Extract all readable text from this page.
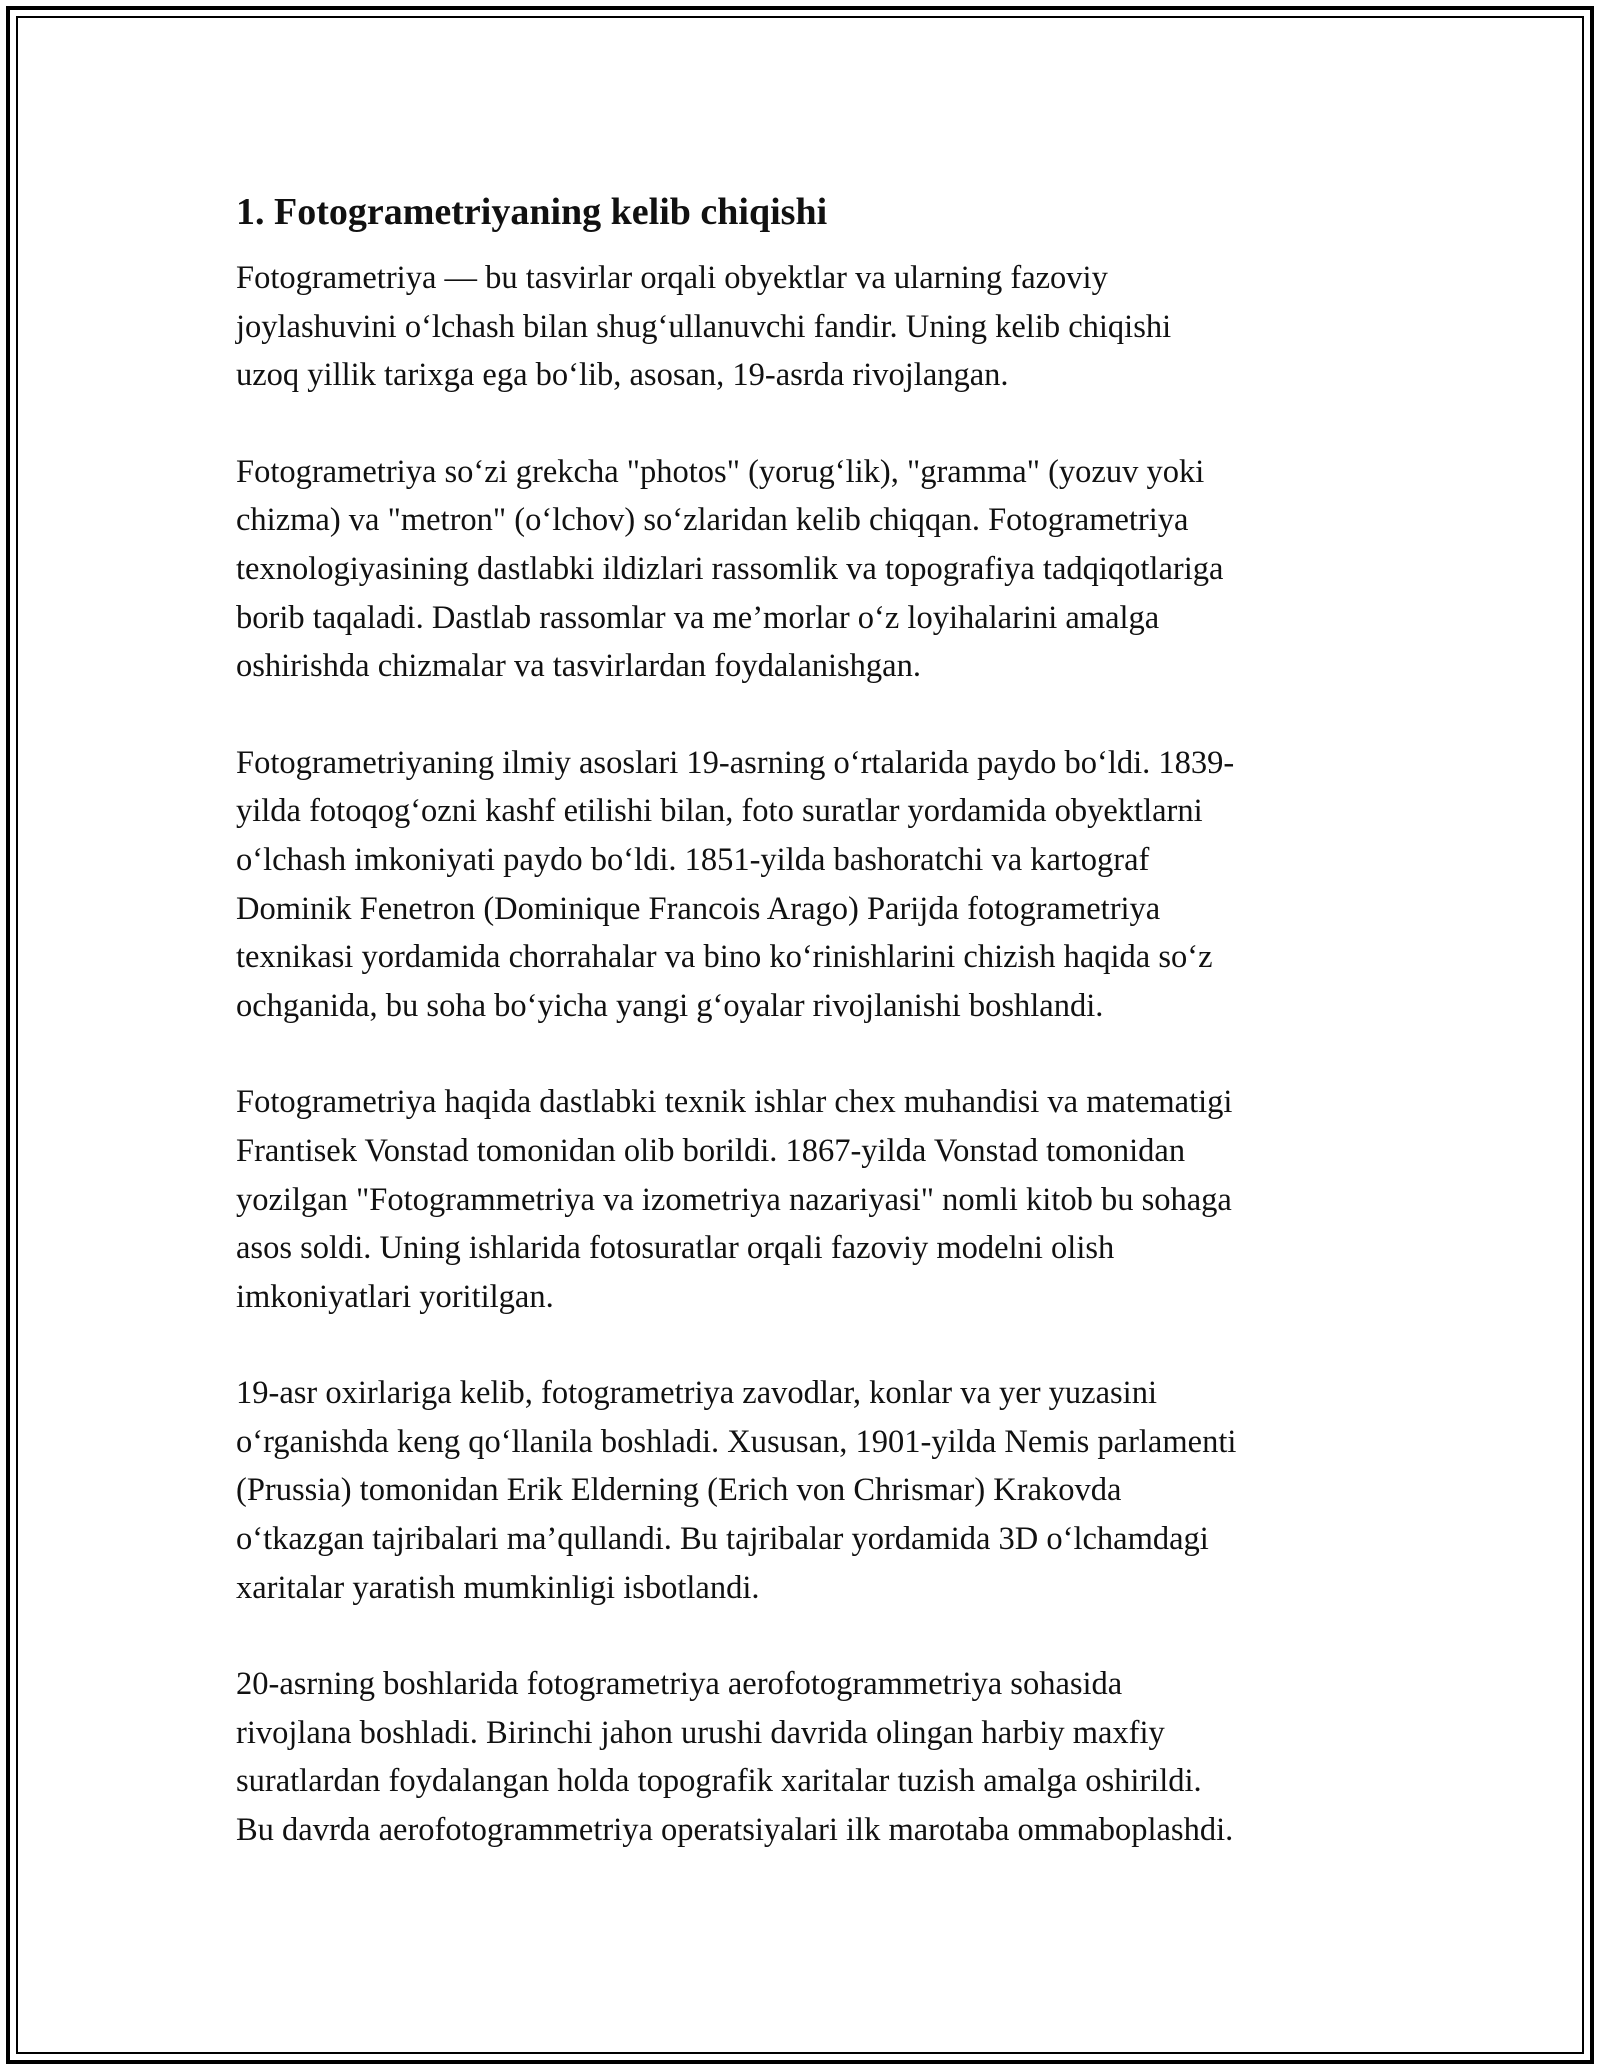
1. Fotogrametriyaning kelib chiqishi

Fotogrametriya — bu tasvirlar orqali obyektlar va ularning fazoviy
joylashuvini o‘lchash bilan shug‘ullanuvchi fandir. Uning kelib chiqishi
uzoq yillik tarixga ega bo‘lib, asosan, 19-asrda rivojlangan.

Fotogrametriya so‘zi grekcha "photos" (yorug‘lik), "gramma" (yozuv yoki
chizma) va "metron" (o‘lchov) so‘zlaridan kelib chiqqan. Fotogrametriya
texnologiyasining dastlabki ildizlari rassomlik va topografiya tadqiqotlariga
borib taqaladi. Dastlab rassomlar va me’morlar o‘z loyihalarini amalga
oshirishda chizmalar va tasvirlardan foydalanishgan.

Fotogrametriyaning ilmiy asoslari 19-asrning o‘rtalarida paydo bo‘ldi. 1839-
yilda fotoqog‘ozni kashf etilishi bilan, foto suratlar yordamida obyektlarni
o‘lchash imkoniyati paydo bo‘ldi. 1851-yilda bashoratchi va kartograf
Dominik Fenetron (Dominique Francois Arago) Parijda fotogrametriya
texnikasi yordamida chorrahalar va bino ko‘rinishlarini chizish haqida so‘z
ochganida, bu soha bo‘yicha yangi g‘oyalar rivojlanishi boshlandi.

Fotogrametriya haqida dastlabki texnik ishlar chex muhandisi va matematigi
Frantisek Vonstad tomonidan olib borildi. 1867-yilda Vonstad tomonidan
yozilgan "Fotogrammetriya va izometriya nazariyasi" nomli kitob bu sohaga
asos soldi. Uning ishlarida fotosuratlar orqali fazoviy modelni olish
imkoniyatlari yoritilgan.

19-asr oxirlariga kelib, fotogrametriya zavodlar, konlar va yer yuzasini
o‘rganishda keng qo‘llanila boshladi. Xususan, 1901-yilda Nemis parlamenti
(Prussia) tomonidan Erik Elderning (Erich von Chrismar) Krakovda
o‘tkazgan tajribalari ma’qullandi. Bu tajribalar yordamida 3D o‘lchamdagi
xaritalar yaratish mumkinligi isbotlandi.

20-asrning boshlarida fotogrametriya aerofotogrammetriya sohasida
rivojlana boshladi. Birinchi jahon urushi davrida olingan harbiy maxfiy
suratlardan foydalangan holda topografik xaritalar tuzish amalga oshirildi.
Bu davrda aerofotogrammetriya operatsiyalari ilk marotaba ommaboplashdi.
